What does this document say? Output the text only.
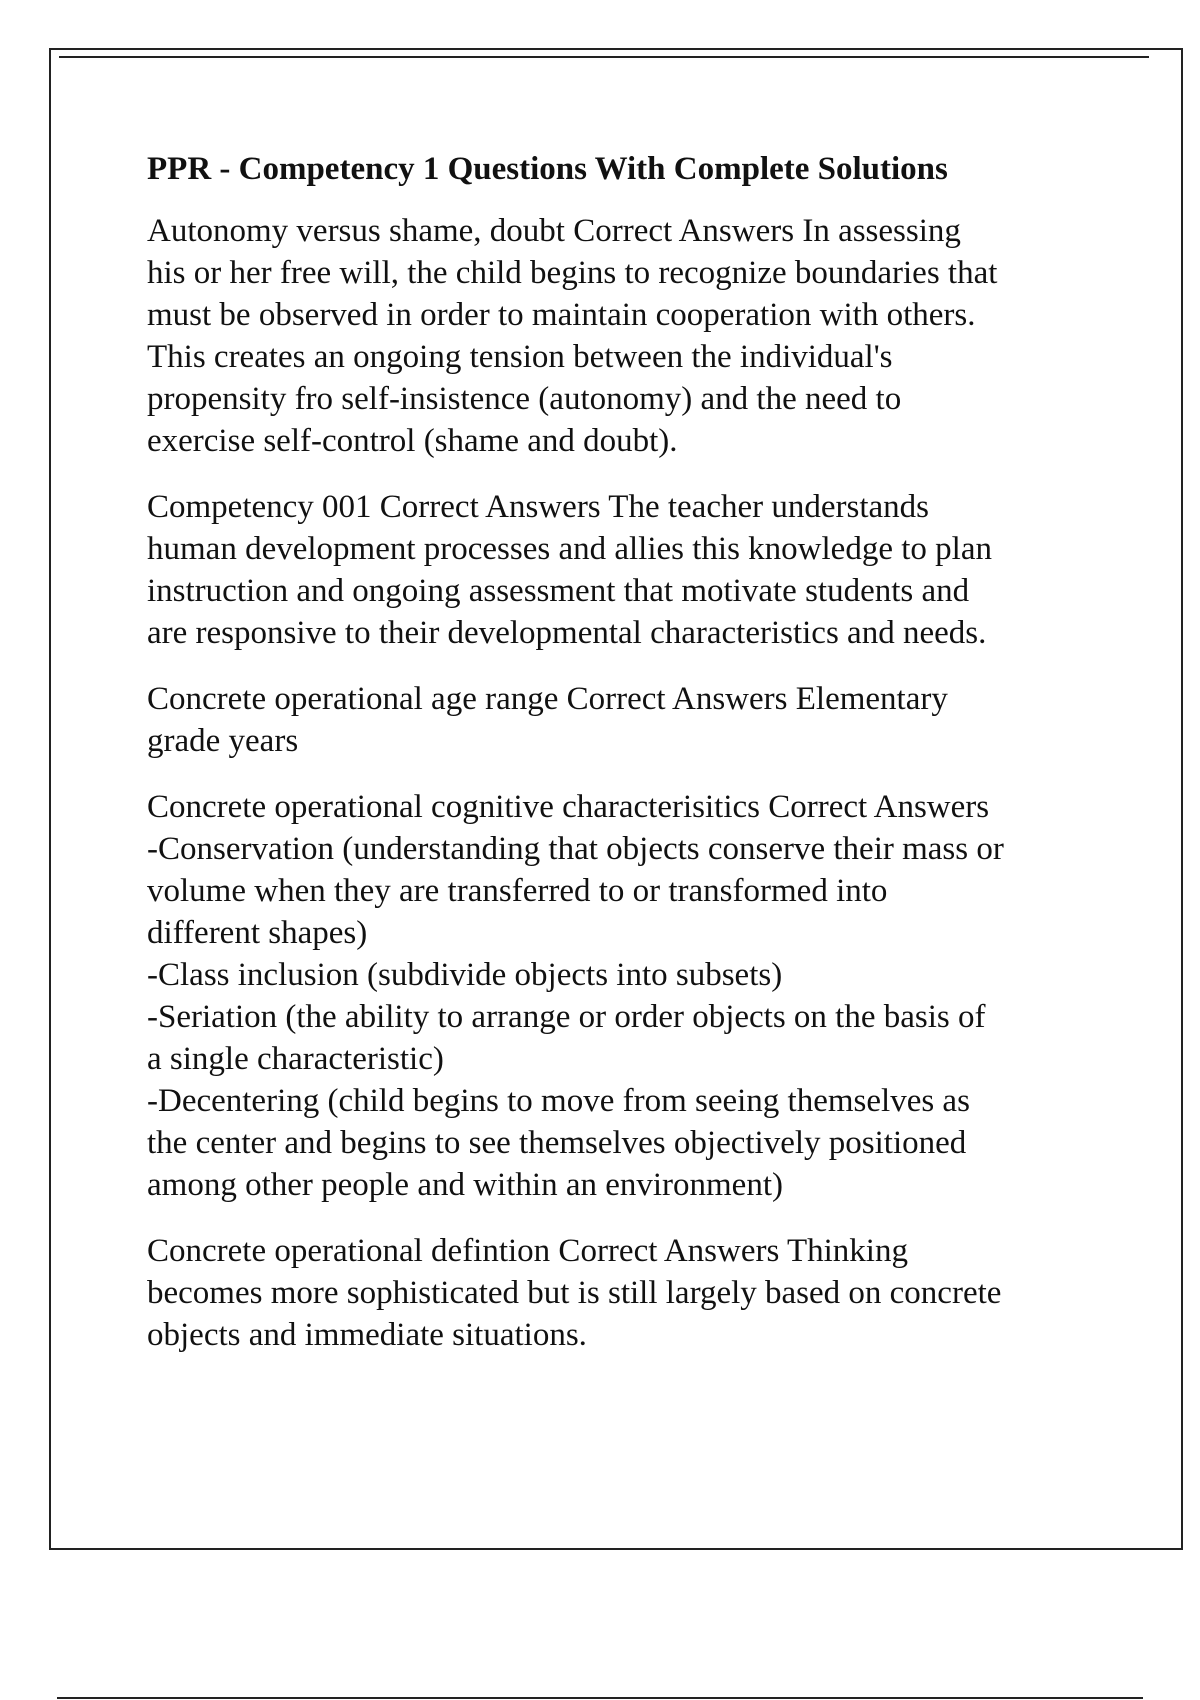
PPR - Competency 1 Questions With Complete Solutions
Autonomy versus shame, doubt Correct Answers In assessing
his or her free will, the child begins to recognize boundaries that
must be observed in order to maintain cooperation with others.
This creates an ongoing tension between the individual's
propensity fro self-insistence (autonomy) and the need to
exercise self-control (shame and doubt).
Competency 001 Correct Answers The teacher understands
human development processes and allies this knowledge to plan
instruction and ongoing assessment that motivate students and
are responsive to their developmental characteristics and needs.
Concrete operational age range Correct Answers Elementary
grade years
Concrete operational cognitive characterisitics Correct Answers
-Conservation (understanding that objects conserve their mass or
volume when they are transferred to or transformed into
different shapes)
-Class inclusion (subdivide objects into subsets)
-Seriation (the ability to arrange or order objects on the basis of
a single characteristic)
-Decentering (child begins to move from seeing themselves as
the center and begins to see themselves objectively positioned
among other people and within an environment)
Concrete operational defintion Correct Answers Thinking
becomes more sophisticated but is still largely based on concrete
objects and immediate situations.
